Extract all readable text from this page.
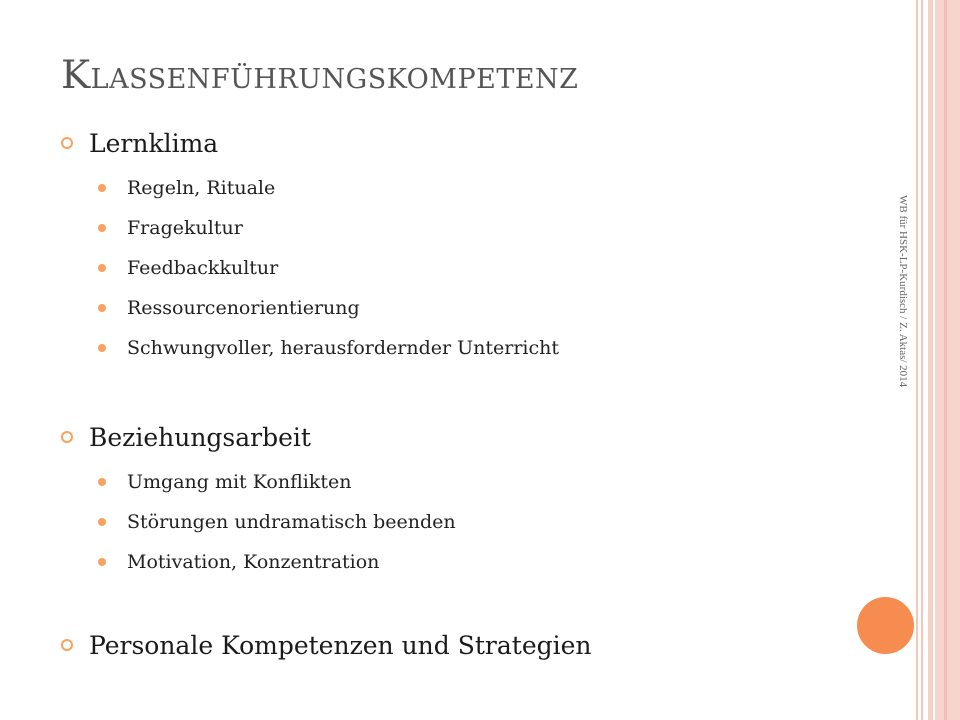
Klassenführungskompetenz
WB für HSK-LP-Kurdisch / Z. Aktas/ 2014
Lernklima
Regeln, Rituale
Fragekultur
Feedbackkultur
Ressourcenorientierung
Schwungvoller, herausfordernder Unterricht
Beziehungsarbeit
Umgang mit Konflikten
Störungen undramatisch beenden
Motivation, Konzentration
Personale Kompetenzen und Strategien
